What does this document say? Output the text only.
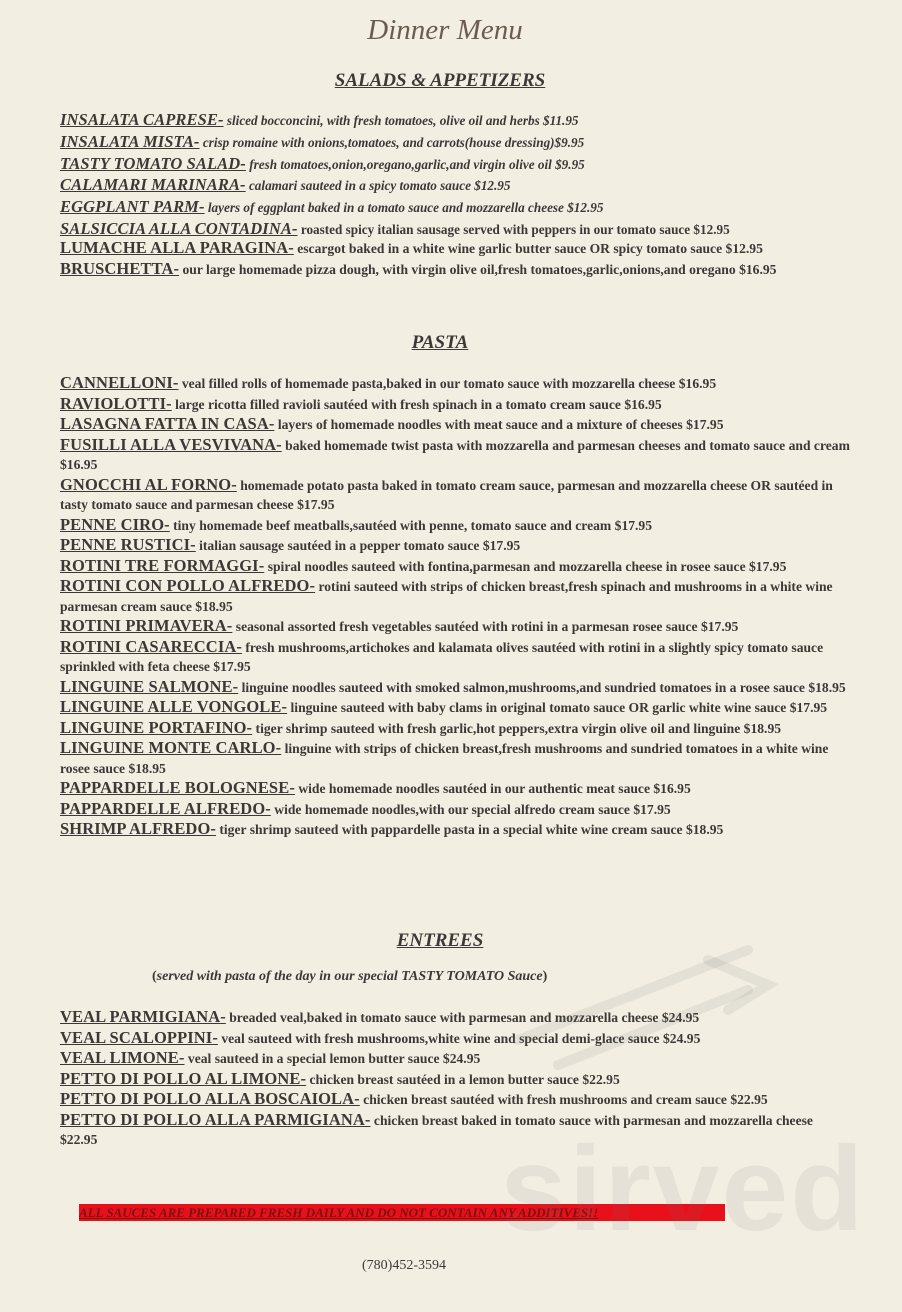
Dinner Menu
SALADS & APPETIZERS
INSALATA CAPRESE- sliced bocconcini, with fresh tomatoes, olive oil and herbs $11.95
INSALATA MISTA- crisp romaine with onions,tomatoes, and carrots(house dressing)$9.95
TASTY TOMATO SALAD- fresh tomatoes,onion,oregano,garlic,and virgin olive oil $9.95
CALAMARI MARINARA- calamari sauteed in a spicy tomato sauce $12.95
EGGPLANT PARM- layers of eggplant baked in a tomato sauce and mozzarella cheese $12.95
SALSICCIA ALLA CONTADINA- roasted spicy italian sausage served with peppers in our tomato sauce $12.95
LUMACHE ALLA PARAGINA- escargot baked in a white wine garlic butter sauce OR spicy tomato sauce $12.95
BRUSCHETTA- our large homemade pizza dough, with virgin olive oil,fresh tomatoes,garlic,onions,and oregano $16.95
PASTA
CANNELLONI- veal filled rolls of homemade pasta,baked in our tomato sauce with mozzarella cheese $16.95
RAVIOLOTTI- large ricotta filled ravioli sautéed with fresh spinach in a tomato cream sauce $16.95
LASAGNA FATTA IN CASA- layers of homemade noodles with meat sauce and a mixture of cheeses $17.95
FUSILLI ALLA VESVIVANA- baked homemade twist pasta with mozzarella and parmesan cheeses and tomato sauce and cream $16.95
GNOCCHI AL FORNO- homemade potato pasta baked in tomato cream sauce, parmesan and mozzarella cheese OR sautéed in tasty tomato sauce and parmesan cheese $17.95
PENNE CIRO- tiny homemade beef meatballs,sautéed with penne, tomato sauce and cream $17.95
PENNE RUSTICI- italian sausage sautéed in a pepper tomato sauce $17.95
ROTINI TRE FORMAGGI- spiral noodles sauteed with fontina,parmesan and mozzarella cheese in rosee sauce $17.95
ROTINI CON POLLO ALFREDO- rotini sauteed with strips of chicken breast,fresh spinach and mushrooms in a white wine parmesan cream sauce $18.95
ROTINI PRIMAVERA- seasonal assorted fresh vegetables sautéed with rotini in a parmesan rosee sauce $17.95
ROTINI CASARECCIA- fresh mushrooms,artichokes and kalamata olives sautéed with rotini in a slightly spicy tomato sauce sprinkled with feta cheese $17.95
LINGUINE SALMONE- linguine noodles sauteed with smoked salmon,mushrooms,and sundried tomatoes in a rosee sauce $18.95
LINGUINE ALLE VONGOLE- linguine sauteed with baby clams in original tomato sauce OR garlic white wine sauce $17.95
LINGUINE PORTAFINO- tiger shrimp sauteed with fresh garlic,hot peppers,extra virgin olive oil and linguine $18.95
LINGUINE MONTE CARLO- linguine with strips of chicken breast,fresh mushrooms and sundried tomatoes in a white wine rosee sauce $18.95
PAPPARDELLE BOLOGNESE- wide homemade noodles sautéed in our authentic meat sauce $16.95
PAPPARDELLE ALFREDO- wide homemade noodles,with our special alfredo cream sauce $17.95
SHRIMP ALFREDO- tiger shrimp sauteed with pappardelle pasta in a special white wine cream sauce $18.95
ENTREES
(served with pasta of the day in our special TASTY TOMATO Sauce)
VEAL PARMIGIANA- breaded veal,baked in tomato sauce with parmesan and mozzarella cheese $24.95
VEAL SCALOPPINI- veal sauteed with fresh mushrooms,white wine and special demi-glace sauce $24.95
VEAL LIMONE- veal sauteed in a special lemon butter sauce $24.95
PETTO DI POLLO AL LIMONE- chicken breast sautéed in a lemon butter sauce $22.95
PETTO DI POLLO ALLA BOSCAIOLA- chicken breast sautéed with fresh mushrooms and cream sauce $22.95
PETTO DI POLLO ALLA PARMIGIANA- chicken breast baked in tomato sauce with parmesan and mozzarella cheese $22.95
ALL SAUCES ARE PREPARED FRESH DAILY AND DO NOT CONTAIN ANY ADDITIVES!!
(780)452-3594
sirved
